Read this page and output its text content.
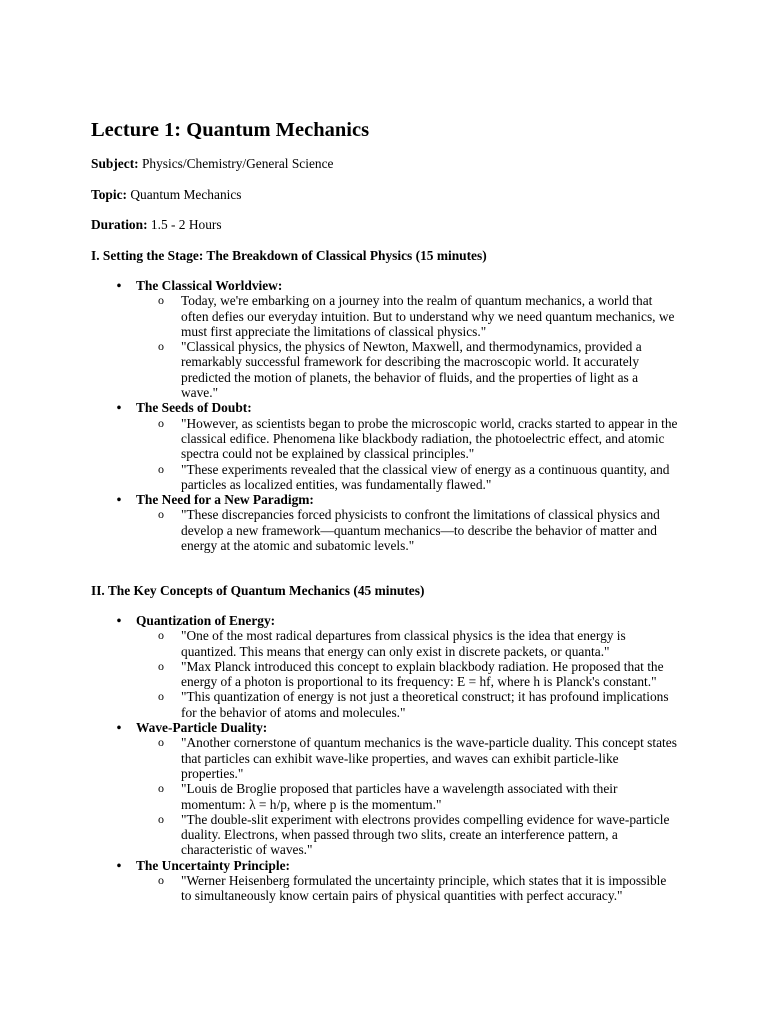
Lecture 1: Quantum Mechanics

Subject: Physics/Chemistry/General Science

Topic: Quantum Mechanics

Duration: 1.5 - 2 Hours

I. Setting the Stage: The Breakdown of Classical Physics (15 minutes)

• The Classical Worldview:
o Today, we're embarking on a journey into the realm of quantum mechanics, a world that often defies our everyday intuition. But to understand why we need quantum mechanics, we must first appreciate the limitations of classical physics."
o "Classical physics, the physics of Newton, Maxwell, and thermodynamics, provided a remarkably successful framework for describing the macroscopic world. It accurately predicted the motion of planets, the behavior of fluids, and the properties of light as a wave."
• The Seeds of Doubt:
o "However, as scientists began to probe the microscopic world, cracks started to appear in the classical edifice. Phenomena like blackbody radiation, the photoelectric effect, and atomic spectra could not be explained by classical principles."
o "These experiments revealed that the classical view of energy as a continuous quantity, and particles as localized entities, was fundamentally flawed."
• The Need for a New Paradigm:
o "These discrepancies forced physicists to confront the limitations of classical physics and develop a new framework—quantum mechanics—to describe the behavior of matter and energy at the atomic and subatomic levels."

II. The Key Concepts of Quantum Mechanics (45 minutes)

• Quantization of Energy:
o "One of the most radical departures from classical physics is the idea that energy is quantized. This means that energy can only exist in discrete packets, or quanta."
o "Max Planck introduced this concept to explain blackbody radiation. He proposed that the energy of a photon is proportional to its frequency: E = hf, where h is Planck's constant."
o "This quantization of energy is not just a theoretical construct; it has profound implications for the behavior of atoms and molecules."
• Wave-Particle Duality:
o "Another cornerstone of quantum mechanics is the wave-particle duality. This concept states that particles can exhibit wave-like properties, and waves can exhibit particle-like properties."
o "Louis de Broglie proposed that particles have a wavelength associated with their momentum: λ = h/p, where p is the momentum."
o "The double-slit experiment with electrons provides compelling evidence for wave-particle duality. Electrons, when passed through two slits, create an interference pattern, a characteristic of waves."
• The Uncertainty Principle:
o "Werner Heisenberg formulated the uncertainty principle, which states that it is impossible to simultaneously know certain pairs of physical quantities with perfect accuracy."
